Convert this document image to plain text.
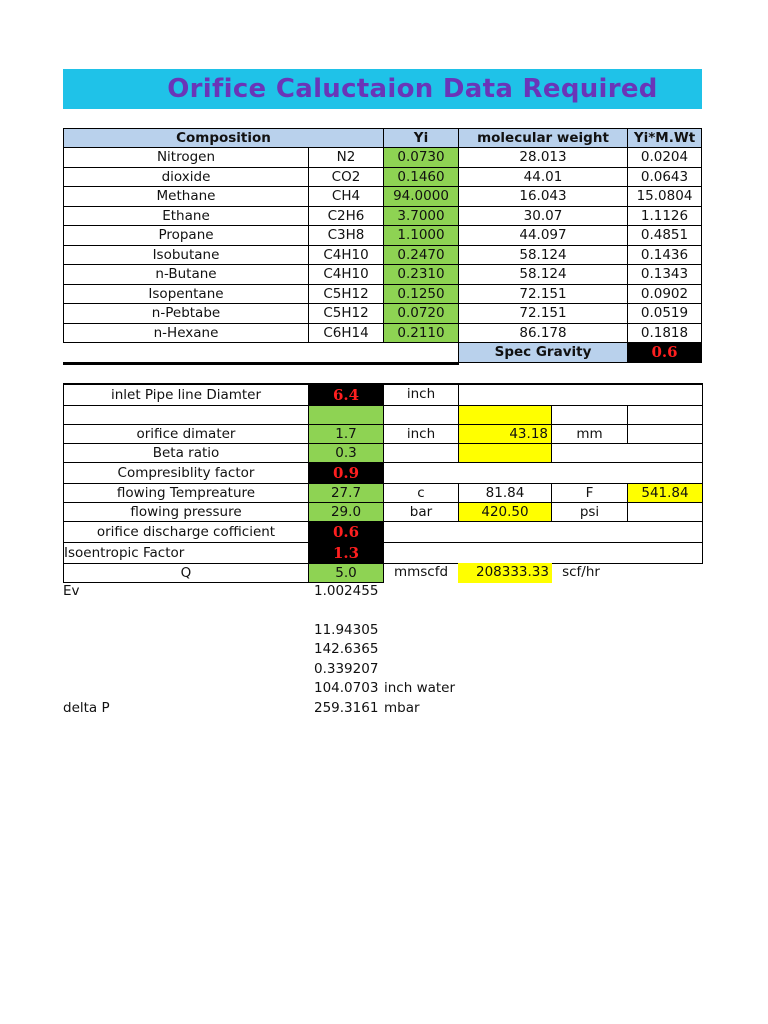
Orifice Caluctaion Data Required
Composition	Yi	molecular weight	Yi*M.Wt
Nitrogen	N2	0.0730	28.013	0.0204
dioxide	CO2	0.1460	44.01	0.0643
Methane	CH4	94.0000	16.043	15.0804
Ethane	C2H6	3.7000	30.07	1.1126
Propane	C3H8	1.1000	44.097	0.4851
Isobutane	C4H10	0.2470	58.124	0.1436
n-Butane	C4H10	0.2310	58.124	0.1343
Isopentane	C5H12	0.1250	72.151	0.0902
n-Pebtabe	C5H12	0.0720	72.151	0.0519
n-Hexane	C6H14	0.2110	86.178	0.1818
Spec Gravity	0.6
inlet Pipe line Diamter	6.4	inch
orifice dimater	1.7	inch	43.18	mm
Beta ratio	0.3
Compresiblity factor	0.9
flowing Tempreature	27.7	c	81.84	F	541.84
flowing pressure	29.0	bar	420.50	psi
orifice discharge cofficient	0.6
Isoentropic Factor	1.3
Q	5.0	mmscfd	208333.33 scf/hr
Ev	1.002455
11.94305
142.6365
0.339207
104.0703 inch water
delta P	259.3161 mbar
